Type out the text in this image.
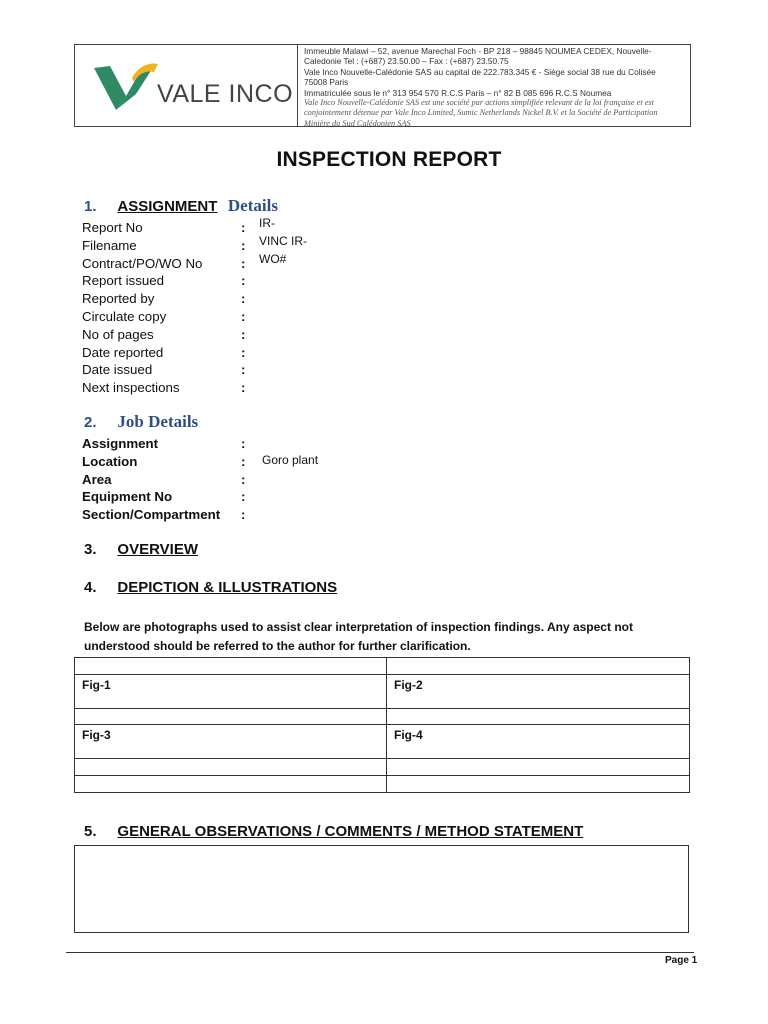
VALE INCO
Immeuble Malawi – 52, avenue Marechal Foch - BP 218 – 98845 NOUMEA CEDEX, Nouvelle-
Caledonie Tel : (+687) 23.50.00 – Fax : (+687) 23.50.75
Vale Inco Nouvelle-Calédonie SAS au capital de 222.783.345 € - Siège social 38 rue du Colisée
75008 Paris
Immatriculée sous le n° 313 954 570 R.C.S Paris – n° 82 B 085 696 R.C.S Noumea
Vale Inco Nouvelle-Calédonie SAS est une société par actions simplifiée relevant de la loi française et est
conjointement détenue par Vale Inco Limited, Sumic Netherlands Nickel B.V. et la Société de Participation
Minière du Sud Calédonien SAS
INSPECTION REPORT
1. ASSIGNMENT Details
Report No	: IR-
Filename	: VINC IR-
Contract/PO/WO No	: WO#
Report issued	:
Reported by	:
Circulate copy	:
No of pages	:
Date reported	:
Date issued	:
Next inspections	:
2. Job Details
Assignment	:
Location	: Goro plant
Area	:
Equipment No	:
Section/Compartment :
3. OVERVIEW
4. DEPICTION & ILLUSTRATIONS
Below are photographs used to assist clear interpretation of inspection findings. Any aspect not understood should be referred to the author for further clarification.

Fig-1	Fig-2

Fig-3	Fig-4

5. GENERAL OBSERVATIONS / COMMENTS / METHOD STATEMENT
Page 1
